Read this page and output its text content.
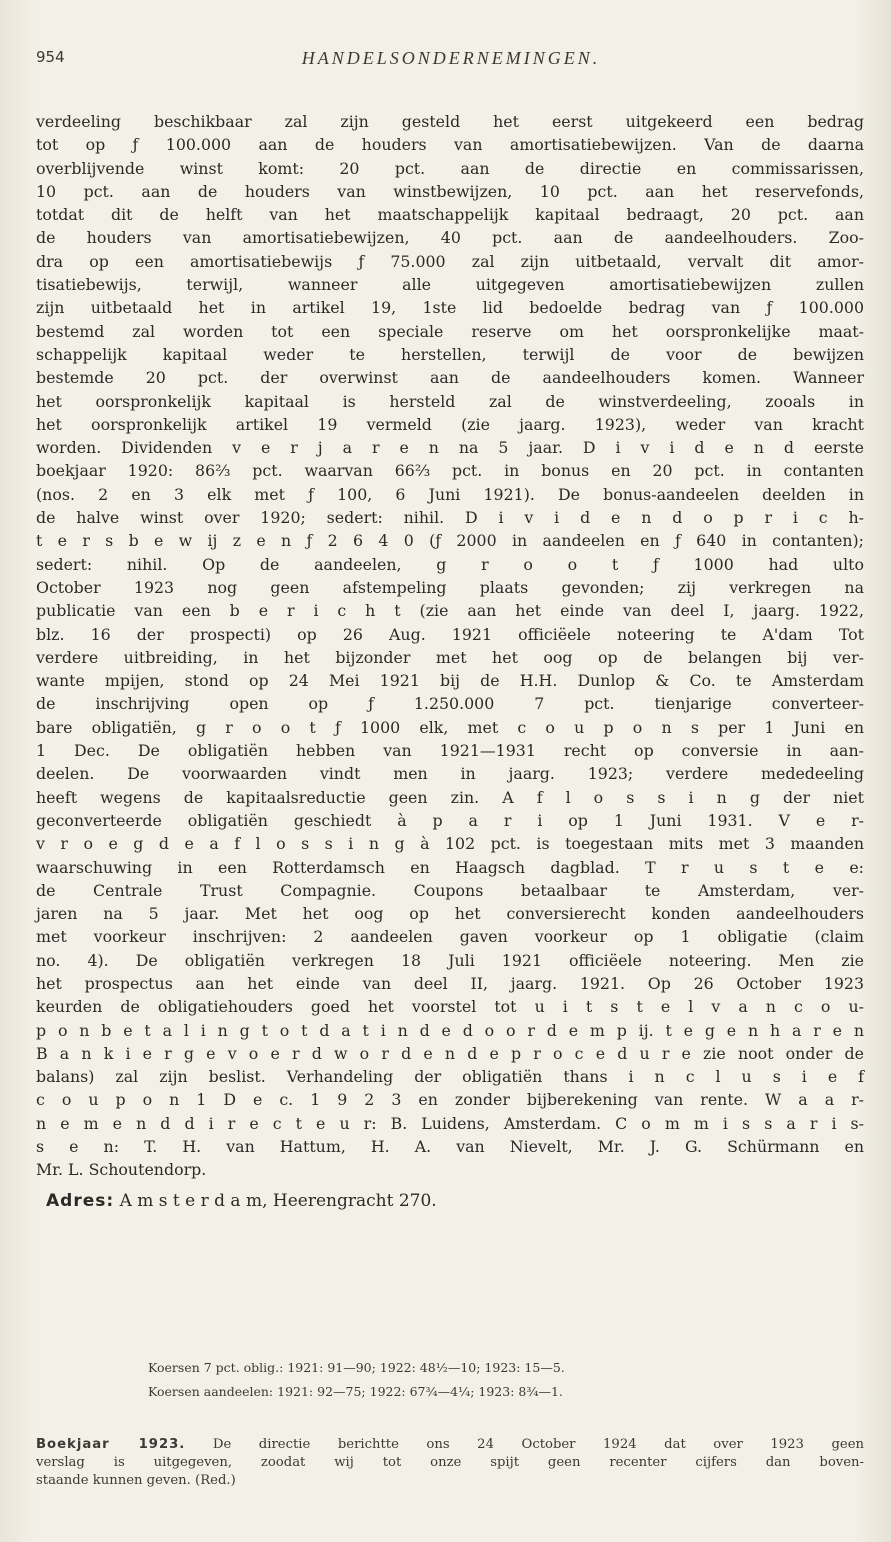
954	HANDELSONDERNEMINGEN.
verdeeling beschikbaar zal zijn gesteld het eerst uitgekeerd een bedrag
tot op ƒ 100.000 aan de houders van amortisatiebewijzen. Van de daarna
overblijvende winst komt: 20 pct. aan de directie en commissarissen,
10 pct. aan de houders van winstbewijzen, 10 pct. aan het reservefonds,
totdat dit de helft van het maatschappelijk kapitaal bedraagt, 20 pct. aan
de houders van amortisatiebewijzen, 40 pct. aan de aandeelhouders. Zoo-
dra op een amortisatiebewijs ƒ 75.000 zal zijn uitbetaald, vervalt dit amor-
tisatiebewijs, terwijl, wanneer alle uitgegeven amortisatiebewijzen zullen
zijn uitbetaald het in artikel 19, 1ste lid bedoelde bedrag van ƒ 100.000
bestemd zal worden tot een speciale reserve om het oorspronkelijke maat-
schappelijk kapitaal weder te herstellen, terwijl de voor de bewijzen
bestemde 20 pct. der overwinst aan de aandeelhouders komen. Wanneer
het oorspronkelijk kapitaal is hersteld zal de winstverdeeling, zooals in
het oorspronkelijk artikel 19 vermeld (zie jaarg. 1923), weder van kracht
worden. Dividenden v e r j a r e n na 5 jaar. D i v i d e n d eerste
boekjaar 1920: 86⅔ pct. waarvan 66⅔ pct. in bonus en 20 pct. in contanten
(nos. 2 en 3 elk met ƒ 100, 6 Juni 1921). De bonus-aandeelen deelden in
de halve winst over 1920; sedert: nihil. D i v i d e n d o p r i c h-
t e r s b e w ij z e n ƒ 2 6 4 0 (ƒ 2000 in aandeelen en ƒ 640 in contanten);
sedert: nihil. Op de aandeelen, g r o o t ƒ 1000 had ulto
October 1923 nog geen afstempeling plaats gevonden; zij verkregen na
publicatie van een b e r i c h t (zie aan het einde van deel I, jaarg. 1922,
blz. 16 der prospecti) op 26 Aug. 1921 officiëele noteering te A'dam Tot
verdere uitbreiding, in het bijzonder met het oog op de belangen bij ver-
wante mpijen, stond op 24 Mei 1921 bij de H.H. Dunlop & Co. te Amsterdam
de inschrijving open op ƒ 1.250.000 7 pct. tienjarige converteer-
bare obligatiën, g r o o t ƒ 1000 elk, met c o u p o n s per 1 Juni en
1 Dec. De obligatiën hebben van 1921—1931 recht op conversie in aan-
deelen. De voorwaarden vindt men in jaarg. 1923; verdere mededeeling
heeft wegens de kapitaalsreductie geen zin. A f l o s s i n g der niet
geconverteerde obligatiën geschiedt à p a r i op 1 Juni 1931. V e r-
v r o e g d e a f l o s s i n g à 102 pct. is toegestaan mits met 3 maanden
waarschuwing in een Rotterdamsch en Haagsch dagblad. T r u s t e e:
de Centrale Trust Compagnie. Coupons betaalbaar te Amsterdam, ver-
jaren na 5 jaar. Met het oog op het conversierecht konden aandeelhouders
met voorkeur inschrijven: 2 aandeelen gaven voorkeur op 1 obligatie (claim
no. 4). De obligatiën verkregen 18 Juli 1921 officiëele noteering. Men zie
het prospectus aan het einde van deel II, jaarg. 1921. Op 26 October 1923
keurden de obligatiehouders goed het voorstel tot u i t s t e l v a n c o u-
p o n b e t a l i n g t o t d a t i n d e d o o r d e m p ij. t e g e n h a r e n
B a n k i e r g e v o e r d w o r d e n d e p r o c e d u r e zie noot onder de
balans) zal zijn beslist. Verhandeling der obligatiën thans i n c l u s i e f
c o u p o n 1 D e c. 1 9 2 3 en zonder bijberekening van rente. W a a r-
n e m e n d d i r e c t e u r: B. Luidens, Amsterdam. C o m m i s s a r i s-
s e n: T. H. van Hattum, H. A. van Nievelt, Mr. J. G. Schürmann en
Mr. L. Schoutendorp.
Adres: A m s t e r d a m, Heerengracht 270.
Koersen 7 pct. oblig.: 1921: 91—90; 1922: 48½—10; 1923: 15—5.
Koersen aandeelen: 1921: 92—75; 1922: 67¾—4¼; 1923: 8¾—1.
Boekjaar 1923. De directie berichtte ons 24 October 1924 dat over 1923 geen
verslag is uitgegeven, zoodat wij tot onze spijt geen recenter cijfers dan boven-
staande kunnen geven. (Red.)
